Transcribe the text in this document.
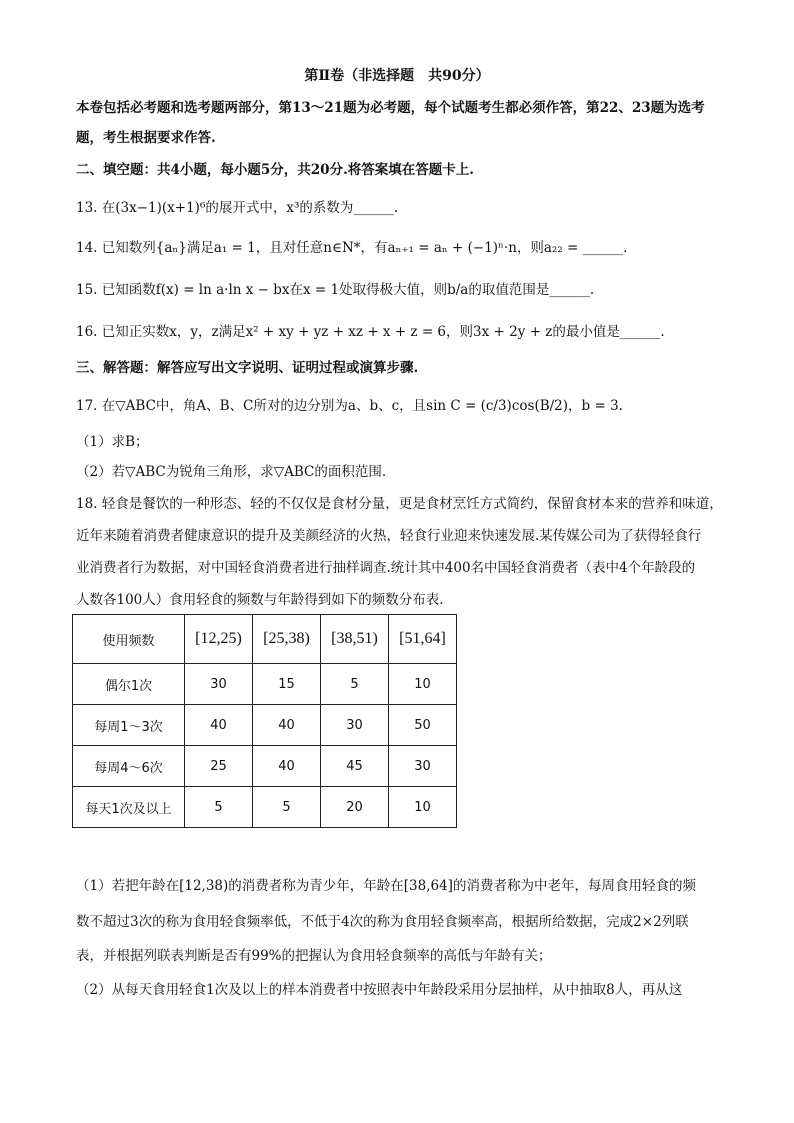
第Ⅱ卷（非选择题　共90分）
本卷包括必考题和选考题两部分，第13～21题为必考题，每个试题考生都必须作答，第22、23题为选考
题，考生根据要求作答.
二、填空题：共4小题，每小题5分，共20分.将答案填在答题卡上.
13. 在(3x−1)(x+1)⁶的展开式中，x³的系数为______.
14. 已知数列{aₙ}满足a₁ = 1，且对任意n∈N*，有aₙ₊₁ = aₙ + (−1)ⁿ·n，则a₂₂ = ______.
15. 已知函数f(x) = ln a·ln x − bx在x = 1处取得极大值，则b/a的取值范围是______.
16. 已知正实数x，y，z满足x² + xy + yz + xz + x + z = 6，则3x + 2y + z的最小值是______.
三、解答题：解答应写出文字说明、证明过程或演算步骤.
17. 在▽ABC中，角A、B、C所对的边分别为a、b、c，且sin C = (c/3)cos(B/2)，b = 3.
（1）求B；
（2）若▽ABC为锐角三角形，求▽ABC的面积范围.
18. 轻食是餐饮的一种形态、轻的不仅仅是食材分量，更是食材烹饪方式简约，保留食材本来的营养和味道，
近年来随着消费者健康意识的提升及美颜经济的火热，轻食行业迎来快速发展.某传媒公司为了获得轻食行
业消费者行为数据，对中国轻食消费者进行抽样调查.统计其中400名中国轻食消费者（表中4个年龄段的
人数各100人）食用轻食的频数与年龄得到如下的频数分布表.
使用频数	[12,25)	[25,38)	[38,51)	[51,64]
偶尔1次	30	15	5	10
每周1～3次	40	40	30	50
每周4～6次	25	40	45	30
每天1次及以上	5	5	20	10
（1）若把年龄在[12,38)的消费者称为青少年，年龄在[38,64]的消费者称为中老年，每周食用轻食的频
数不超过3次的称为食用轻食频率低，不低于4次的称为食用轻食频率高，根据所给数据，完成2×2列联
表，并根据列联表判断是否有99%的把握认为食用轻食频率的高低与年龄有关；
（2）从每天食用轻食1次及以上的样本消费者中按照表中年龄段采用分层抽样，从中抽取8人，再从这
